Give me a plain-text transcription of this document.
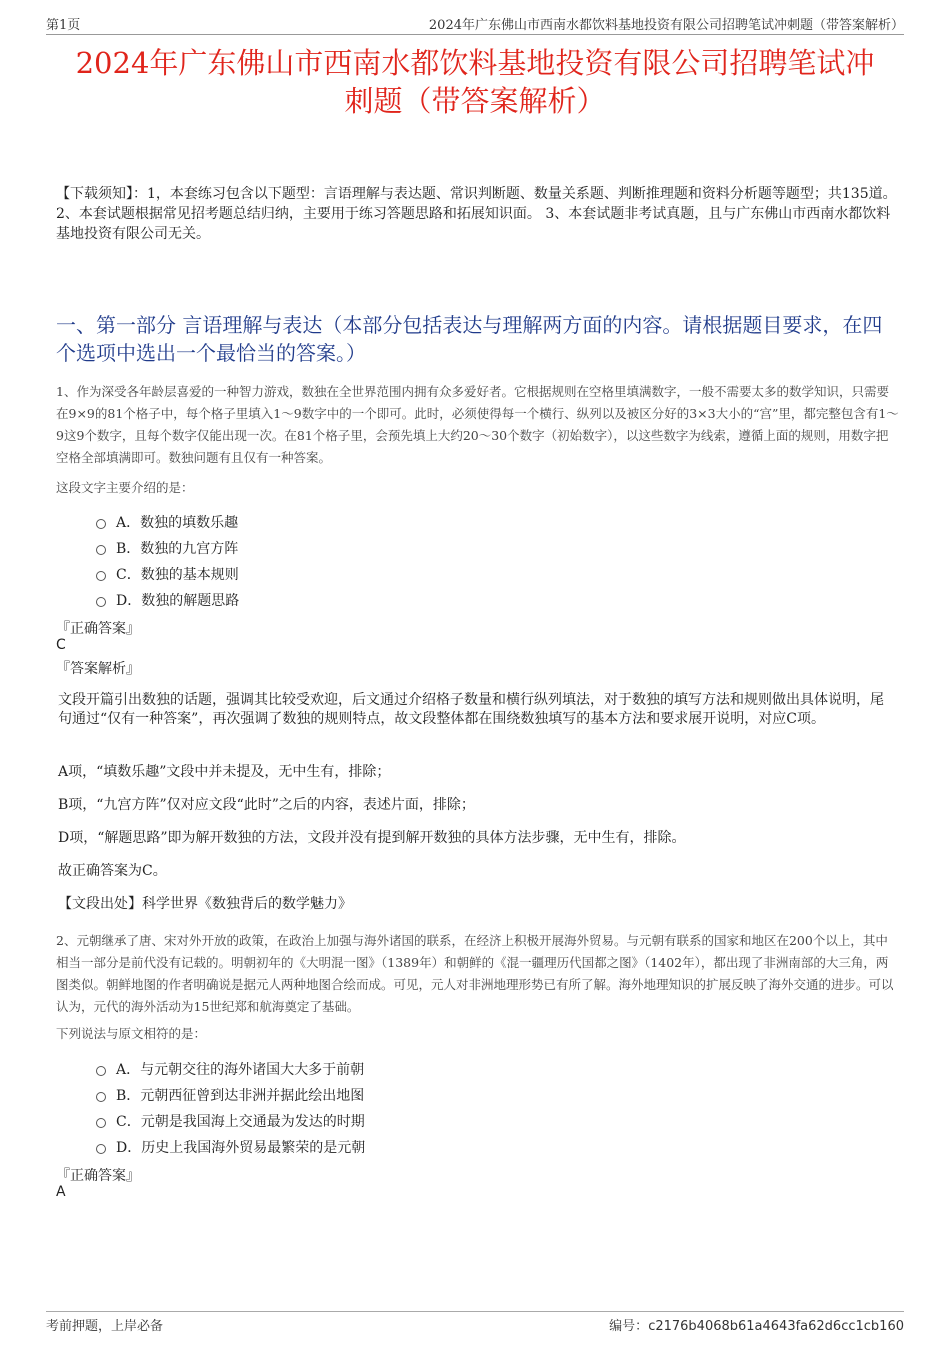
第1页	2024年广东佛山市西南水都饮料基地投资有限公司招聘笔试冲刺题（带答案解析）
2024年广东佛山市西南水都饮料基地投资有限公司招聘笔试冲
刺题（带答案解析）
【下载须知】：1，本套练习包含以下题型：言语理解与表达题、常识判断题、数量关系题、判断推理题和资料分析题等题型；共135道。 2、本套试题根据常见招考题总结归纳，主要用于练习答题思路和拓展知识面。 3、本套试题非考试真题，且与广东佛山市西南水都饮料基地投资有限公司无关。
一、第一部分 言语理解与表达（本部分包括表达与理解两方面的内容。请根据题目要求，在四个选项中选出一个最恰当的答案。）
1、作为深受各年龄层喜爱的一种智力游戏，数独在全世界范围内拥有众多爱好者。它根据规则在空格里填满数字，一般不需要太多的数学知识，只需要在9×9的81个格子中，每个格子里填入1～9数字中的一个即可。此时，必须使得每一个横行、纵列以及被区分好的3×3大小的“宫”里，都完整包含有1～9这9个数字，且每个数字仅能出现一次。在81个格子里，会预先填上大约20～30个数字（初始数字），以这些数字为线索，遵循上面的规则，用数字把空格全部填满即可。数独问题有且仅有一种答案。
这段文字主要介绍的是：
A．数独的填数乐趣
B．数独的九宫方阵
C．数独的基本规则
D．数独的解题思路
『正确答案』
C
『答案解析』
文段开篇引出数独的话题，强调其比较受欢迎，后文通过介绍格子数量和横行纵列填法，对于数独的填写方法和规则做出具体说明，尾句通过“仅有一种答案”，再次强调了数独的规则特点，故文段整体都在围绕数独填写的基本方法和要求展开说明，对应C项。
A项，“填数乐趣”文段中并未提及，无中生有，排除；
B项，“九宫方阵”仅对应文段“此时”之后的内容，表述片面，排除；
D项，“解题思路”即为解开数独的方法，文段并没有提到解开数独的具体方法步骤，无中生有，排除。
故正确答案为C。
【文段出处】科学世界《数独背后的数学魅力》
2、元朝继承了唐、宋对外开放的政策，在政治上加强与海外诸国的联系，在经济上积极开展海外贸易。与元朝有联系的国家和地区在200个以上，其中相当一部分是前代没有记载的。明朝初年的《大明混一图》（1389年）和朝鲜的《混一疆理历代国都之图》（1402年），都出现了非洲南部的大三角，两图类似。朝鲜地图的作者明确说是据元人两种地图合绘而成。可见，元人对非洲地理形势已有所了解。海外地理知识的扩展反映了海外交通的进步。可以认为，元代的海外活动为15世纪郑和航海奠定了基础。
下列说法与原文相符的是：
A．与元朝交往的海外诸国大大多于前朝
B．元朝西征曾到达非洲并据此绘出地图
C．元朝是我国海上交通最为发达的时期
D．历史上我国海外贸易最繁荣的是元朝
『正确答案』
A
考前押题，上岸必备	编号：c2176b4068b61a4643fa62d6cc1cb160
